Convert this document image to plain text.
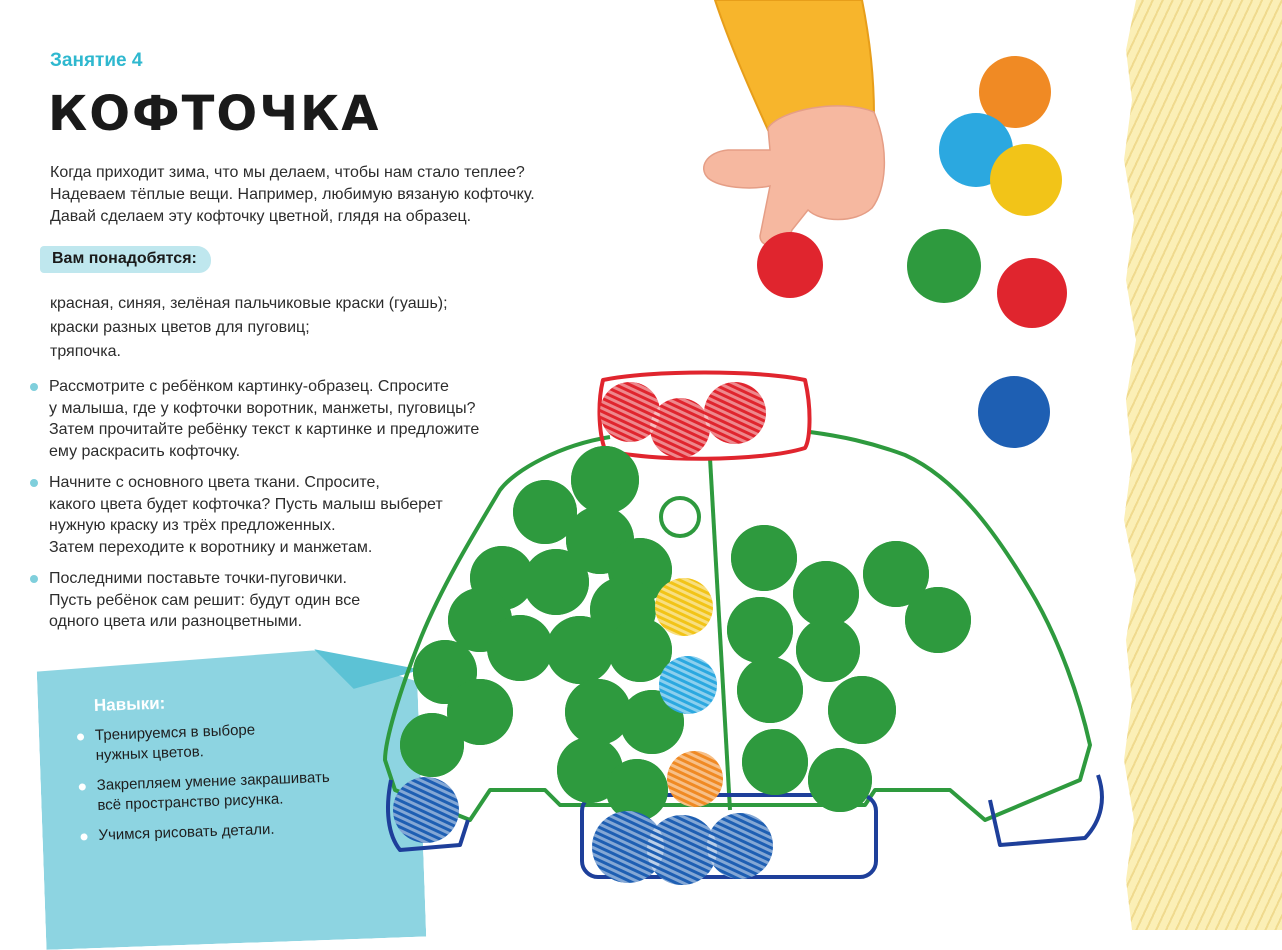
Занятие 4
КОФТОЧКА

Когда приходит зима, что мы делаем, чтобы нам стало теплее?

Надеваем тёплые вещи. Например, любимую вязаную кофточку.

Давай сделаем эту кофточку цветной, глядя на образец.

Вам понадобятся:
красная, синяя, зелёная пальчиковые краски (гуашь);
краски разных цветов для пуговиц;
тряпочка.
Рассмотрите с ребёнком картинку-образец. Спросите
у малыша, где у кофточки воротник, манжеты, пуговицы?
Затем прочитайте ребёнку текст к картинке и предложите
ему раскрасить кофточку.
Начните с основного цвета ткани. Спросите,
какого цвета будет кофточка? Пусть малыш выберет
нужную краску из трёх предложенных.
Затем переходите к воротнику и манжетам.
Последними поставьте точки-пуговички.
Пусть ребёнок сам решит: будут один все
одного цвета или разноцветными.
Навыки:
Тренируемся в выборе
нужных цветов.
Закрепляем умение закрашивать
всё пространство рисунка.
Учимся рисовать детали.
